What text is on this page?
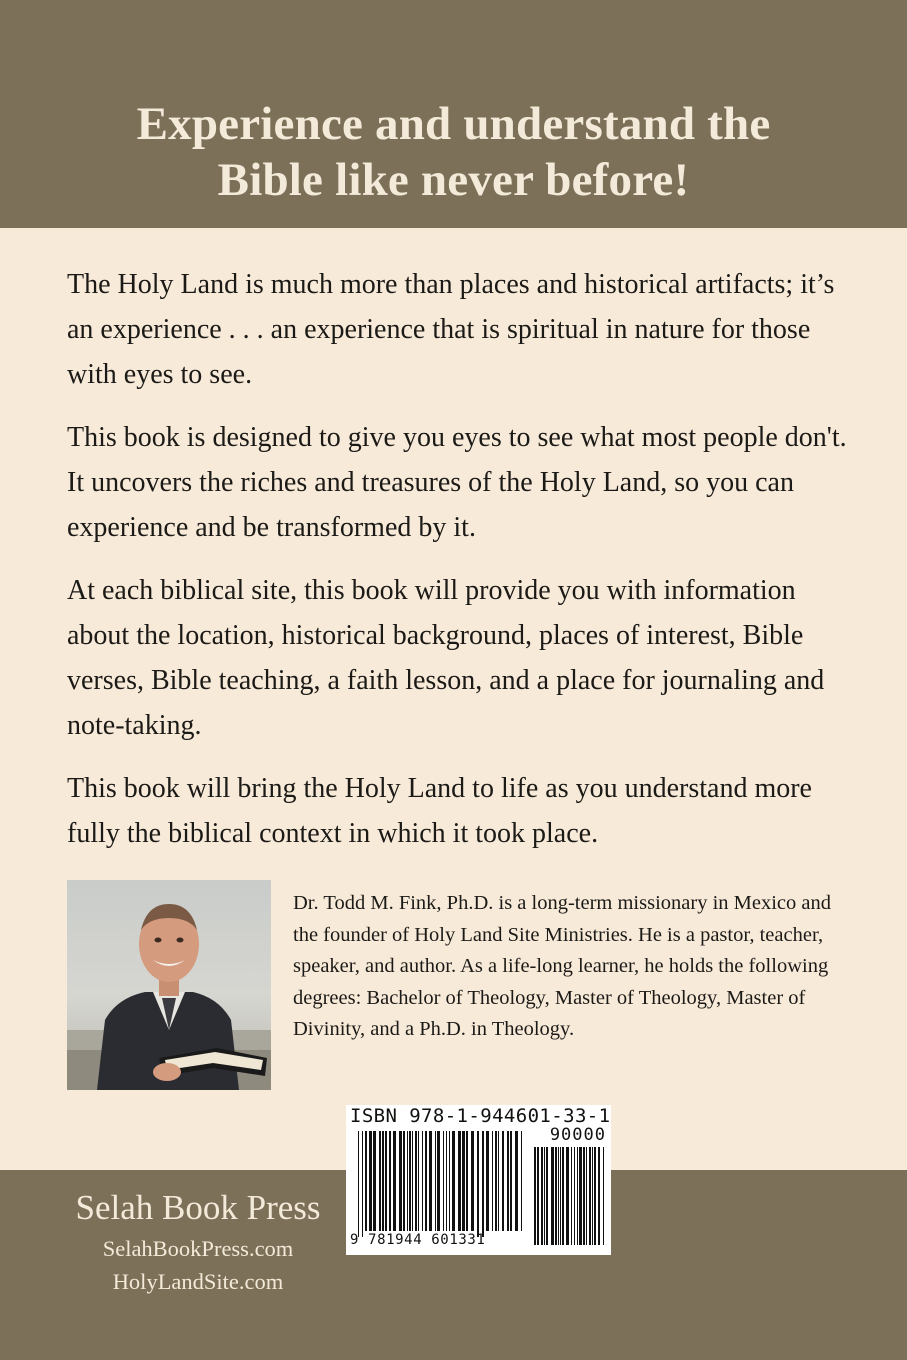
Experience and understand the
Bible like never before!

The Holy Land is much more than places and historical artifacts; it’s an experience . . . an experience that is spiritual in nature for those with eyes to see.

This book is designed to give you eyes to see what most people don't. It uncovers the riches and treasures of the Holy Land, so you can experience and be transformed by it.

At each biblical site, this book will provide you with information about the location, historical background, places of interest, Bible verses, Bible teaching, a faith lesson, and a place for journaling and note-taking.

This book will bring the Holy Land to life as you understand more fully the biblical context in which it took place.

Dr. Todd M. Fink, Ph.D. is a long-term missionary in Mexico and the founder of Holy Land Site Ministries. He is a pastor, teacher, speaker, and author. As a life-long learner, he holds the following degrees: Bachelor of Theology, Master of Theology, Master of Divinity, and a Ph.D. in Theology.
Selah Book Press
SelahBookPress.com
HolyLandSite.com
ISBN 978-1-944601-33-1
90000
9 781944 601331
